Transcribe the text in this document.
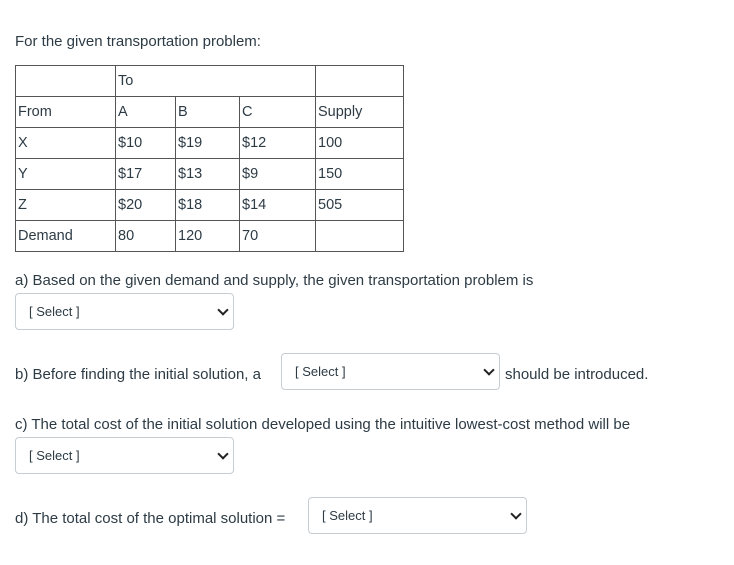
For the given transportation problem:
	To			
From	A	B	C	Supply
X	$10	$19	$12	100
Y	$17	$13	$9	150
Z	$20	$18	$14	505
Demand	80	120	70	
a) Based on the given demand and supply, the given transportation problem is
[ Select ]
b) Before finding the initial solution, a	[ Select ]	should be introduced.
c) The total cost of the initial solution developed using the intuitive lowest-cost method will be
[ Select ]
d) The total cost of the optimal solution =	[ Select ]
